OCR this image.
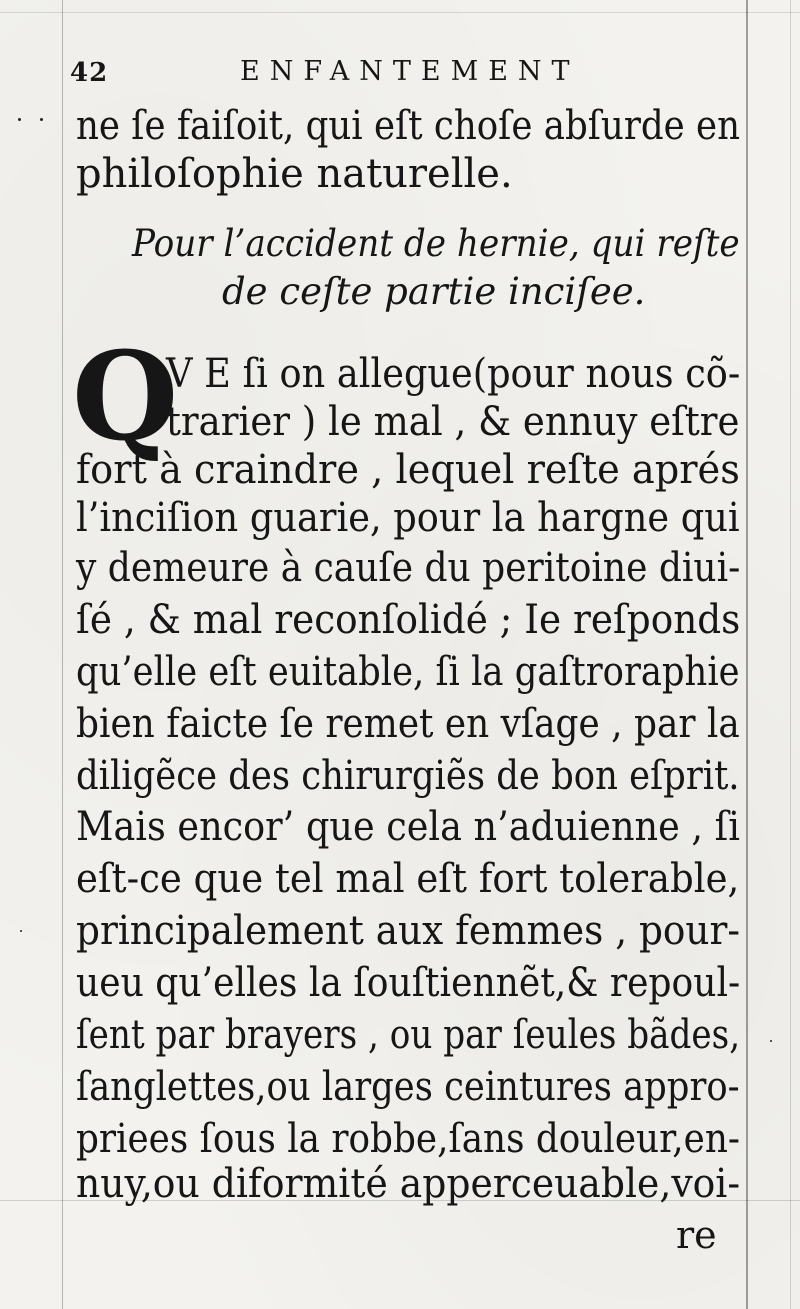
42	ENFANTEMENT
ne ſe faiſoit, qui eſt choſe abſurde en
philoſophie naturelle.
Pour l’accident de hernie, qui reſte
de ceſte partie inciſee.
Q
V E ſi on allegue(pour nous cõ-
trarier ) le mal , & ennuy eſtre
fort à craindre , lequel reſte aprés
l’inciſion guarie, pour la hargne qui
y demeure à cauſe du peritoine diui-
ſé , & mal reconſolidé ; Ie reſponds
qu’elle eſt euitable, ſi la gaſtroraphie
bien faicte ſe remet en vſage , par la
diligẽce des chirurgiẽs de bon eſprit.
Mais encor’ que cela n’aduienne , ſi
eſt-ce que tel mal eſt fort tolerable,
principalement aux femmes , pour-
ueu qu’elles la ſouſtiennẽt,& repoul-
ſent par brayers , ou par ſeules bãdes,
ſanglettes,ou larges ceintures appro-
priees ſous la robbe,ſans douleur,en-
nuy,ou diformité apperceuable,voi-
re
